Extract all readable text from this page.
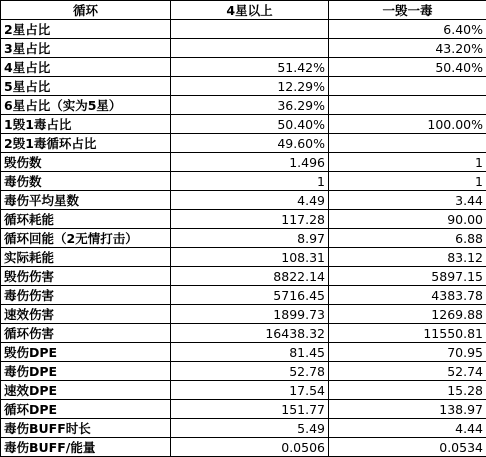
循环	4星以上	一毁一毒
2星占比		6.40%
3星占比		43.20%
4星占比	51.42%	50.40%
5星占比	12.29%	
6星占比（实为5星）	36.29%	
1毁1毒占比	50.40%	100.00%
2毁1毒循环占比	49.60%	
毁伤数	1.496	1
毒伤数	1	1
毒伤平均星数	4.49	3.44
循环耗能	117.28	90.00
循环回能（2无情打击）	8.97	6.88
实际耗能	108.31	83.12
毁伤伤害	8822.14	5897.15
毒伤伤害	5716.45	4383.78
速效伤害	1899.73	1269.88
循环伤害	16438.32	11550.81
毁伤DPE	81.45	70.95
毒伤DPE	52.78	52.74
速效DPE	17.54	15.28
循环DPE	151.77	138.97
毒伤BUFF时长	5.49	4.44
毒伤BUFF/能量	0.0506	0.0534
